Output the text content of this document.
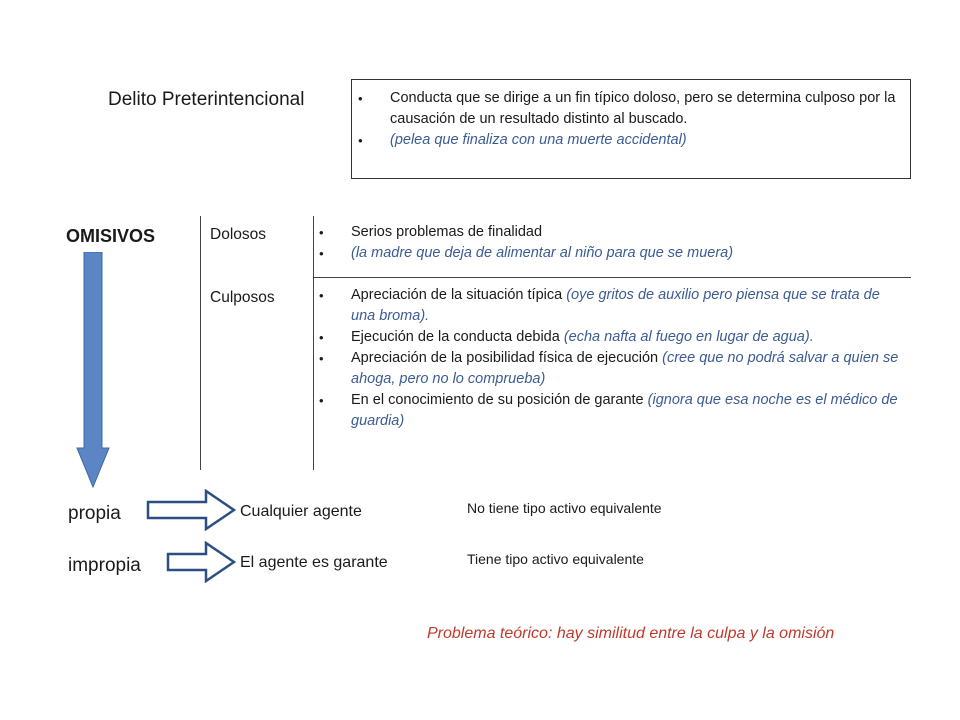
Delito Preterintencional	• Conducta que se dirige a un fin típico doloso, pero se determina culposo por la causación de un resultado distinto al buscado.
• (pelea que finaliza con una muerte accidental)
OMISIVOS	Dolosos	• Serios problemas de finalidad
• (la madre que deja de alimentar al niño para que se muera)
Culposos	• Apreciación de la situación típica (oye gritos de auxilio pero piensa que se trata de una broma).
• Ejecución de la conducta debida (echa nafta al fuego en lugar de agua).
• Apreciación de la posibilidad física de ejecución (cree que no podrá salvar a quien se ahoga, pero no lo comprueba)
• En el conocimiento de su posición de garante (ignora que esa noche es el médico de guardia)
propia	Cualquier agente	No tiene tipo activo equivalente
impropia	El agente es garante	Tiene tipo activo equivalente
Problema teórico: hay similitud entre la culpa y la omisión
